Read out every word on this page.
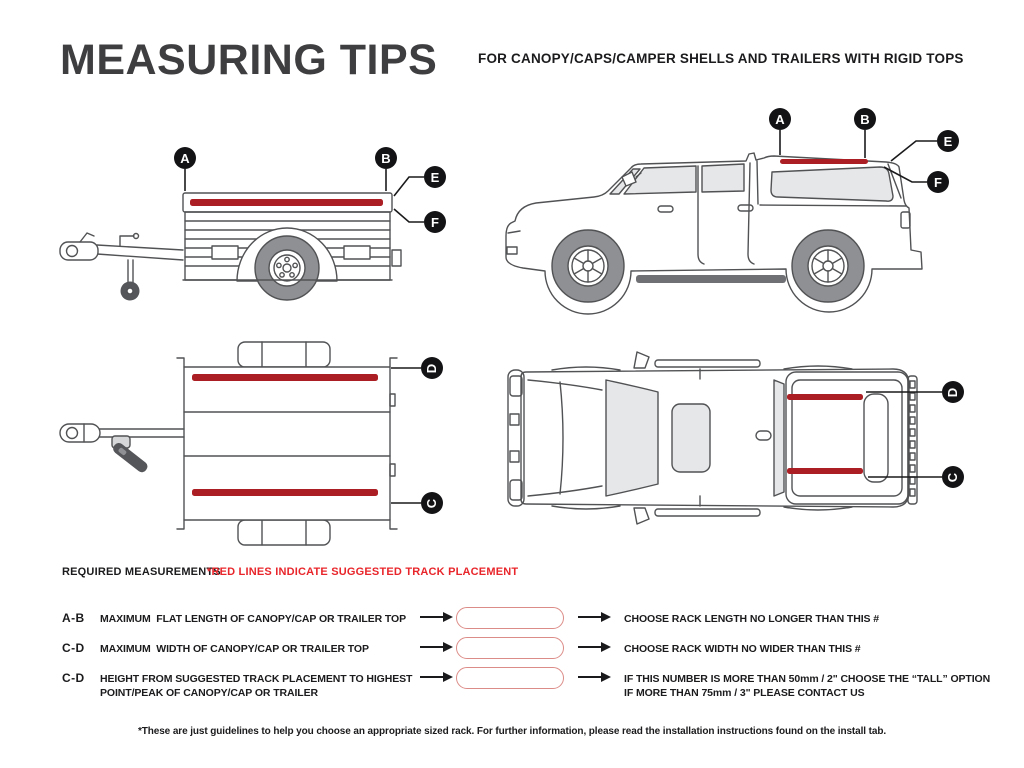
MEASURING TIPS	FOR CANOPY/CAPS/CAMPER SHELLS AND TRAILERS WITH RIGID TOPS
A	B
E
F
A	B
E
F
D
C
D
C
REQUIRED MEASUREMENTS
*RED LINES INDICATE SUGGESTED TRACK PLACEMENT
A-B MAXIMUM  FLAT LENGTH OF CANOPY/CAP OR TRAILER TOP	CHOOSE RACK LENGTH NO LONGER THAN THIS #
C-D MAXIMUM  WIDTH OF CANOPY/CAP OR TRAILER TOP	CHOOSE RACK WIDTH NO WIDER THAN THIS #
C-D HEIGHT FROM SUGGESTED TRACK PLACEMENT TO HIGHEST
POINT/PEAK OF CANOPY/CAP OR TRAILER
IF THIS NUMBER IS MORE THAN 50mm / 2" CHOOSE THE “TALL” OPTION
IF MORE THAN 75mm / 3" PLEASE CONTACT US
*These are just guidelines to help you choose an appropriate sized rack. For further information, please read the installation instructions found on the install tab.
